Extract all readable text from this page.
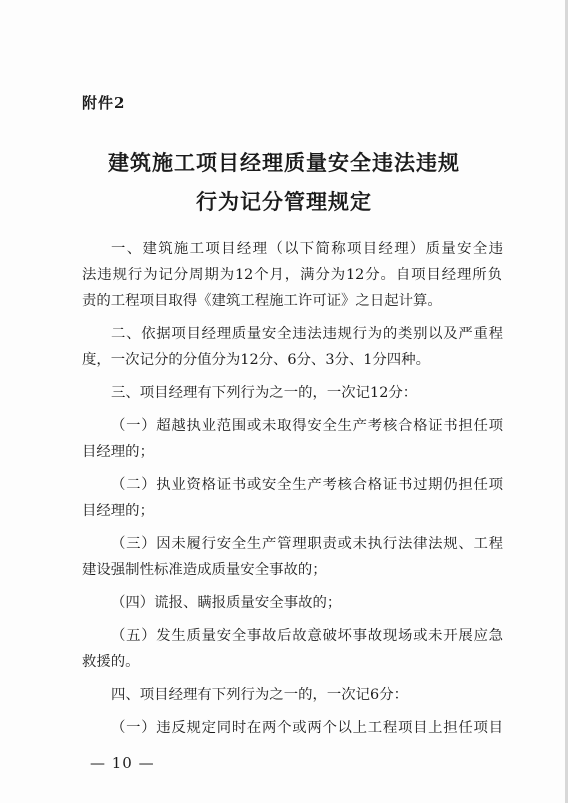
附件2
建筑施工项目经理质量安全违法违规
行为记分管理规定
一、建筑施工项目经理（以下简称项目经理）质量安全违
法违规行为记分周期为12个月，满分为12分。自项目经理所负
责的工程项目取得《建筑工程施工许可证》之日起计算。
二、依据项目经理质量安全违法违规行为的类别以及严重程
度，一次记分的分值分为12分、6分、3分、1分四种。
三、项目经理有下列行为之一的，一次记12分：
（一）超越执业范围或未取得安全生产考核合格证书担任项
目经理的；
（二）执业资格证书或安全生产考核合格证书过期仍担任项
目经理的；
（三）因未履行安全生产管理职责或未执行法律法规、工程
建设强制性标准造成质量安全事故的；
（四）谎报、瞒报质量安全事故的；
（五）发生质量安全事故后故意破坏事故现场或未开展应急
救援的。
四、项目经理有下列行为之一的，一次记6分：
（一）违反规定同时在两个或两个以上工程项目上担任项目
— 10 —
